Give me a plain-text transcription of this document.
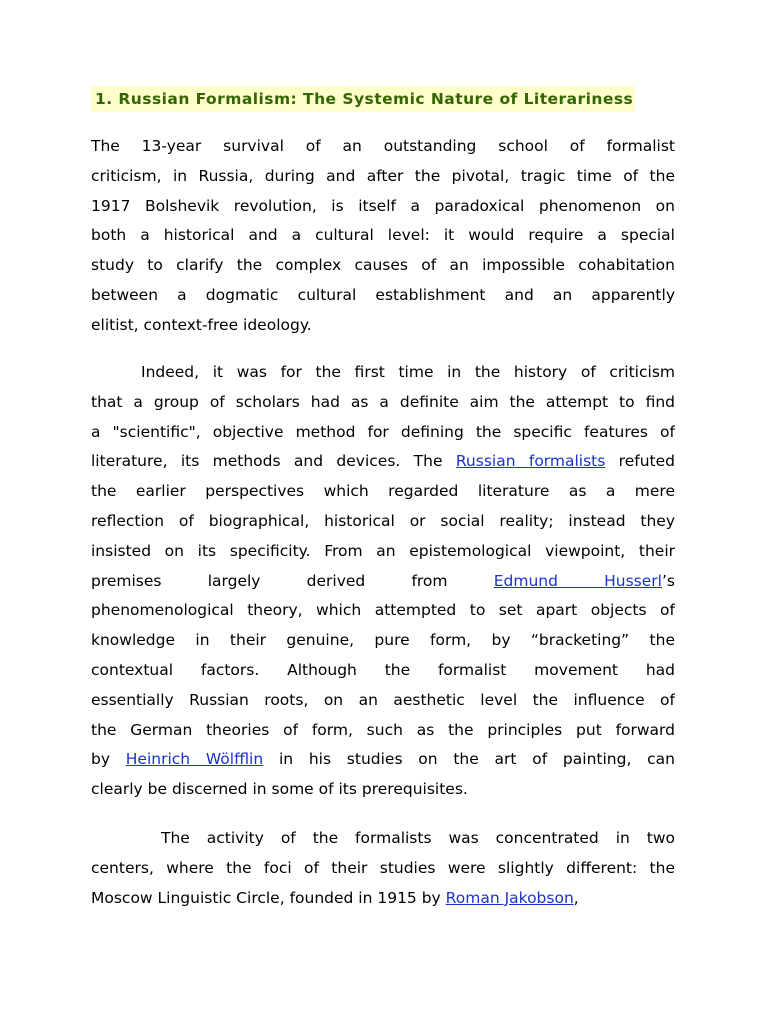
1. Russian Formalism: The Systemic Nature of Literariness
The 13-year survival of an outstanding school of formalist
criticism, in Russia, during and after the pivotal, tragic time of the
1917 Bolshevik revolution, is itself a paradoxical phenomenon on
both a historical and a cultural level: it would require a special
study to clarify the complex causes of an impossible cohabitation
between a dogmatic cultural establishment and an apparently
elitist, context-free ideology.
Indeed, it was for the first time in the history of criticism
that a group of scholars had as a definite aim the attempt to find
a "scientific", objective method for defining the specific features of
literature, its methods and devices. The Russian formalists refuted
the earlier perspectives which regarded literature as a mere
reflection of biographical, historical or social reality; instead they
insisted on its specificity. From an epistemological viewpoint, their
premises largely derived from Edmund Husserl’s
phenomenological theory, which attempted to set apart objects of
knowledge in their genuine, pure form, by “bracketing” the
contextual factors. Although the formalist movement had
essentially Russian roots, on an aesthetic level the influence of
the German theories of form, such as the principles put forward
by Heinrich Wölfflin in his studies on the art of painting, can
clearly be discerned in some of its prerequisites.
The activity of the formalists was concentrated in two
centers, where the foci of their studies were slightly different: the
Moscow Linguistic Circle, founded in 1915 by Roman Jakobson,
